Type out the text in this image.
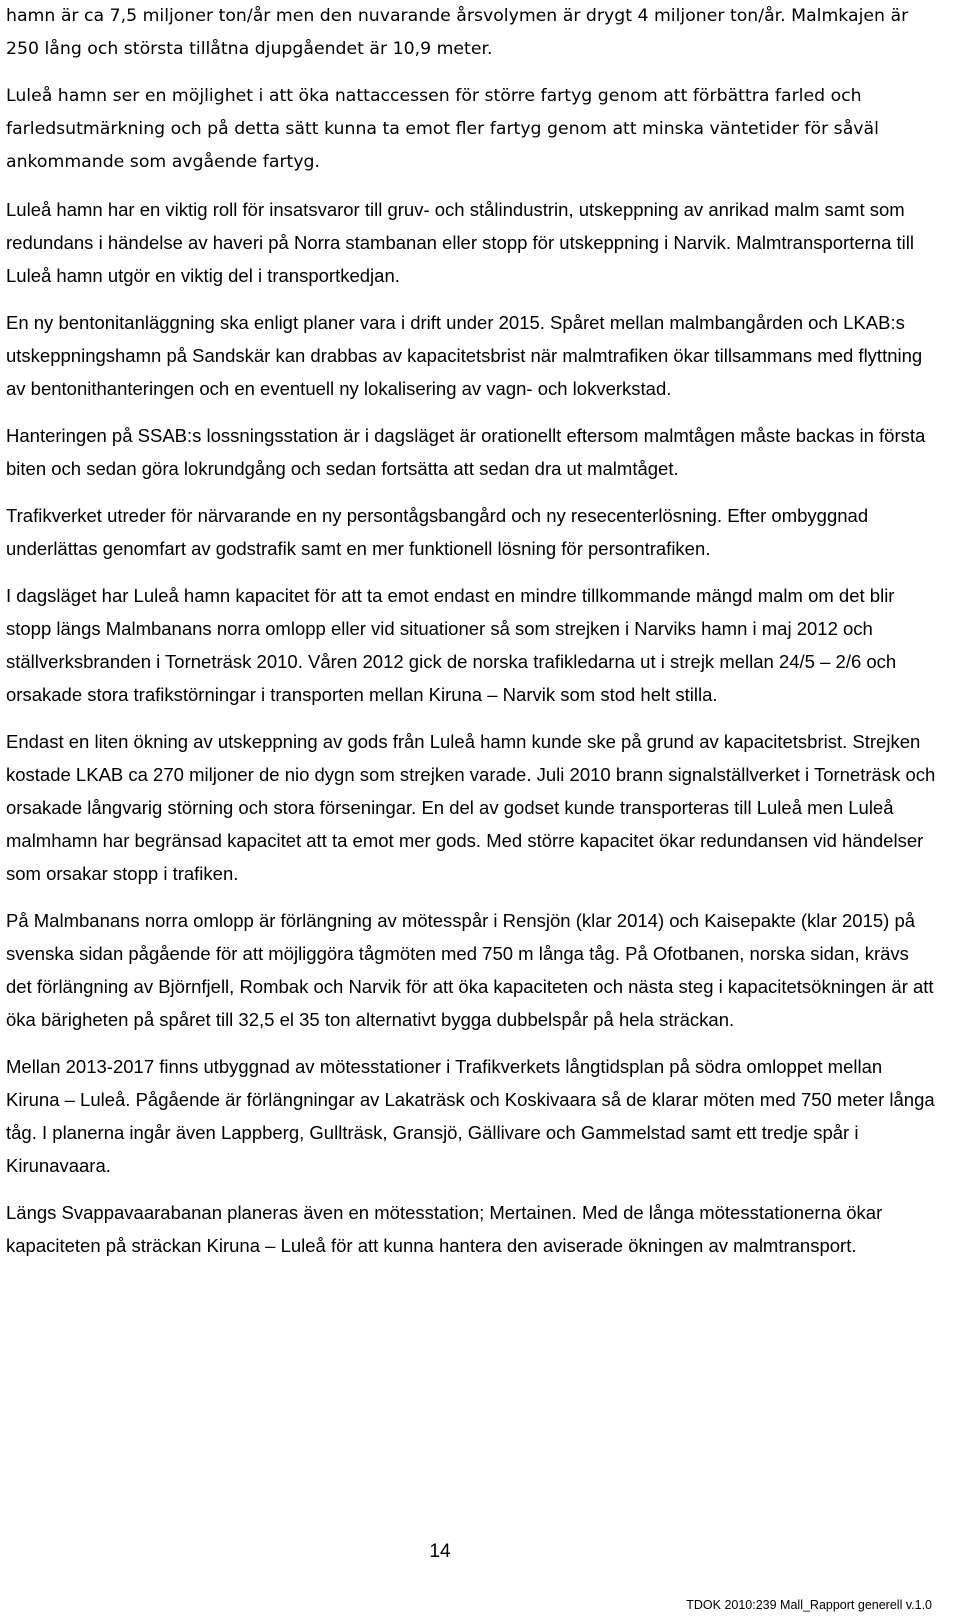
hamn är ca 7,5 miljoner ton/år men den nuvarande årsvolymen är drygt 4 miljoner ton/år. Malmkajen är 250 lång och största tillåtna djupgåendet är 10,9 meter.

Luleå hamn ser en möjlighet i att öka nattaccessen för större fartyg genom att förbättra farled och farledsutmärkning och på detta sätt kunna ta emot fler fartyg genom att minska väntetider för såväl ankommande som avgående fartyg.

Luleå hamn har en viktig roll för insatsvaror till gruv- och stålindustrin, utskeppning av anrikad malm samt som redundans i händelse av haveri på Norra stambanan eller stopp för utskeppning i Narvik. Malmtransporterna till Luleå hamn utgör en viktig del i transportkedjan.

En ny bentonitanläggning ska enligt planer vara i drift under 2015. Spåret mellan malmbangården och LKAB:s utskeppningshamn på Sandskär kan drabbas av kapacitetsbrist när malmtrafiken ökar tillsammans med flyttning av bentonithanteringen och en eventuell ny lokalisering av vagn- och lokverkstad.

Hanteringen på SSAB:s lossningsstation är i dagsläget är orationellt eftersom malmtågen måste backas in första biten och sedan göra lokrundgång och sedan fortsätta att sedan dra ut malmtåget.

Trafikverket utreder för närvarande en ny persontågsbangård och ny resecenterlösning. Efter ombyggnad underlättas genomfart av godstrafik samt en mer funktionell lösning för persontrafiken.

I dagsläget har Luleå hamn kapacitet för att ta emot endast en mindre tillkommande mängd malm om det blir stopp längs Malmbanans norra omlopp eller vid situationer så som strejken i Narviks hamn i maj 2012 och ställverksbranden i Torneträsk 2010. Våren 2012 gick de norska trafikledarna ut i strejk mellan 24/5 – 2/6 och orsakade stora trafikstörningar i transporten mellan Kiruna – Narvik som stod helt stilla.

Endast en liten ökning av utskeppning av gods från Luleå hamn kunde ske på grund av kapacitetsbrist. Strejken kostade LKAB ca 270 miljoner de nio dygn som strejken varade. Juli 2010 brann signalställverket i Torneträsk och orsakade långvarig störning och stora förseningar. En del av godset kunde transporteras till Luleå men Luleå malmhamn har begränsad kapacitet att ta emot mer gods. Med större kapacitet ökar redundansen vid händelser som orsakar stopp i trafiken.

På Malmbanans norra omlopp är förlängning av mötesspår i Rensjön (klar 2014) och Kaisepakte (klar 2015) på svenska sidan pågående för att möjliggöra tågmöten med 750 m långa tåg. På Ofotbanen, norska sidan, krävs det förlängning av Björnfjell, Rombak och Narvik för att öka kapaciteten och nästa steg i kapacitetsökningen är att öka bärigheten på spåret till 32,5 el 35 ton alternativt bygga dubbelspår på hela sträckan.

Mellan 2013-2017 finns utbyggnad av mötesstationer i Trafikverkets långtidsplan på södra omloppet mellan Kiruna – Luleå. Pågående är förlängningar av Lakaträsk och Koskivaara så de klarar möten med 750 meter långa tåg. I planerna ingår även Lappberg, Gullträsk, Gransjö, Gällivare och Gammelstad samt ett tredje spår i Kirunavaara.

Längs Svappavaarabanan planeras även en mötesstation; Mertainen. Med de långa mötesstationerna ökar kapaciteten på sträckan Kiruna – Luleå för att kunna hantera den aviserade ökningen av malmtransport.

14
TDOK 2010:239 Mall_Rapport generell v.1.0
